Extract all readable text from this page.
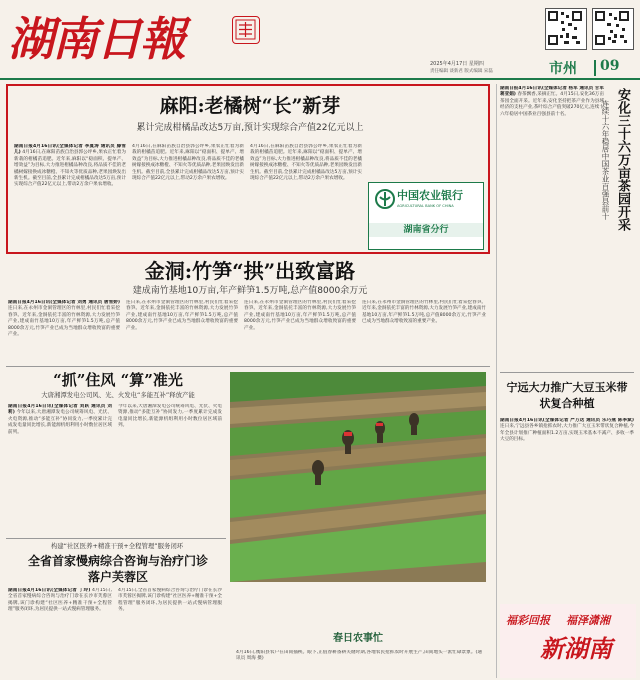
湖南日報	2025年4月17日 星期四
责任编辑 谈新君 版式编辑 宋磊	市州	09
麻阳:老橘树“长”新芽
累计完成柑橘品改达5万亩,预计实现综合产值22亿元以上
湖南日报4月16日讯(全媒体记者 李夏涛 通讯员 滕雪儿) 4月16日,在麻阳苗族自治县郭公坪乡,果农正忙着为新栽的柑橘苗追肥。近年来,麻阳以“稳面积、提单产、增效益”为目标,大力推进柑橘品种改良,将品质不佳的老橘树嫁接换成冰糖橙、不知火等优质品种,老果园焕发出新生机。截至目前,全县累计完成柑橘品改达5万亩,预计实现综合产值22亿元以上,带动2万余户果农增收。
4月16日,在麻阳苗族自治县郭公坪乡,果农正忙着为新栽的柑橘苗追肥。近年来,麻阳以“稳面积、提单产、增效益”为目标,大力推进柑橘品种改良,将品质不佳的老橘树嫁接换成冰糖橙、不知火等优质品种,老果园焕发出新生机。截至目前,全县累计完成柑橘品改达5万亩,预计实现综合产值22亿元以上,带动2万余户果农增收。
4月16日,在麻阳苗族自治县郭公坪乡,果农正忙着为新栽的柑橘苗追肥。近年来,麻阳以“稳面积、提单产、增效益”为目标,大力推进柑橘品种改良,将品质不佳的老橘树嫁接换成冰糖橙、不知火等优质品种,老果园焕发出新生机。截至目前,全县累计完成柑橘品改达5万亩,预计实现综合产值22亿元以上,带动2万余户果农增收。
中国农业银行
AGRICULTURAL BANK OF CHINA
湖南省分行
金洞:竹笋“拱”出致富路
建成南竹基地10万亩,年产鲜笋1.5万吨,总产值8000余万元
湖南日报4月16日讯(全媒体记者 刘勇 通讯员 唐雪娇) 连日来,在永州市金洞管理区的竹林里,村民们忙着采挖春笋。近年来,金洞依托丰富的竹林资源,大力发展竹笋产业,建成南竹基地10万亩,年产鲜笋1.5万吨,总产值8000余万元,竹笋产业已成为当地群众增收致富的重要产业。
连日来,在永州市金洞管理区的竹林里,村民们忙着采挖春笋。近年来,金洞依托丰富的竹林资源,大力发展竹笋产业,建成南竹基地10万亩,年产鲜笋1.5万吨,总产值8000余万元,竹笋产业已成为当地群众增收致富的重要产业。
连日来,在永州市金洞管理区的竹林里,村民们忙着采挖春笋。近年来,金洞依托丰富的竹林资源,大力发展竹笋产业,建成南竹基地10万亩,年产鲜笋1.5万吨,总产值8000余万元,竹笋产业已成为当地群众增收致富的重要产业。
连日来,在永州市金洞管理区的竹林里,村民们忙着采挖春笋。近年来,金洞依托丰富的竹林资源,大力发展竹笋产业,建成南竹基地10万亩,年产鲜笋1.5万吨,总产值8000余万元,竹笋产业已成为当地群众增收致富的重要产业。
“抓”住风 “算”准光
大唐湘潭发电公司风、光、火发电“多能互补”释放产能
湖南日报4月16日讯(全媒体记者 刘跃 通讯员 刘莉) 今年以来,大唐湘潭发电公司统筹风电、光伏、火电资源,推动“多能互补”协同发力,一季度累计完成发电量同比增长,新能源机组利用小时数位居区域前列。
今年以来,大唐湘潭发电公司统筹风电、光伏、火电资源,推动“多能互补”协同发力,一季度累计完成发电量同比增长,新能源机组利用小时数位居区域前列。
构建“社区医养+精准干预+全程管理”服务闭环
全省首家慢病综合咨询与治疗门诊落户芙蓉区
湖南日报4月16日讯(全媒体记者 丁玲) 4月15日,全省首家慢病综合咨询与治疗门诊在长沙市芙蓉区揭牌,该门诊构建“社区医养+精准干预+全程管理”服务闭环,为居民提供一站式慢病管理服务。
4月15日,全省首家慢病综合咨询与治疗门诊在长沙市芙蓉区揭牌,该门诊构建“社区医养+精准干预+全程管理”服务闭环,为居民提供一站式慢病管理服务。
春日农事忙
4月16日,衡阳县农户在田间插秧。眼下,正值春耕备耕关键时期,各地农民抢抓农时开展生产,田间地头一派忙碌景象。(通讯员 周海 摄)
湖南日报4月16日讯(全媒体记者 杨军 通讯员 甘军 蒋亚娟) 春茶飘香,采摘正忙。4月15日,安化36万亩茶园全面开采。近年来,安化坚持把茶产业作为县域经济的支柱产业,茶叶综合产值突破270亿元,连续十六年稳居中国茶业百强县前十名。	安化三十六万亩茶园开采
连续十六年稳居中国茶业百强县前十
宁远大力推广大豆玉米带状复合种植
湖南日报4月16日讯(全媒体记者 严万达 通讯员 乐巧燕 陈李斌) 连日来,宁远县各乡镇抢抓农时,大力推广大豆玉米带状复合种植,今年全县计划推广种植面积1.2万亩,实现玉米基本不减产、多收一季大豆的目标。
福彩回报	福泽潇湘
新湖南
